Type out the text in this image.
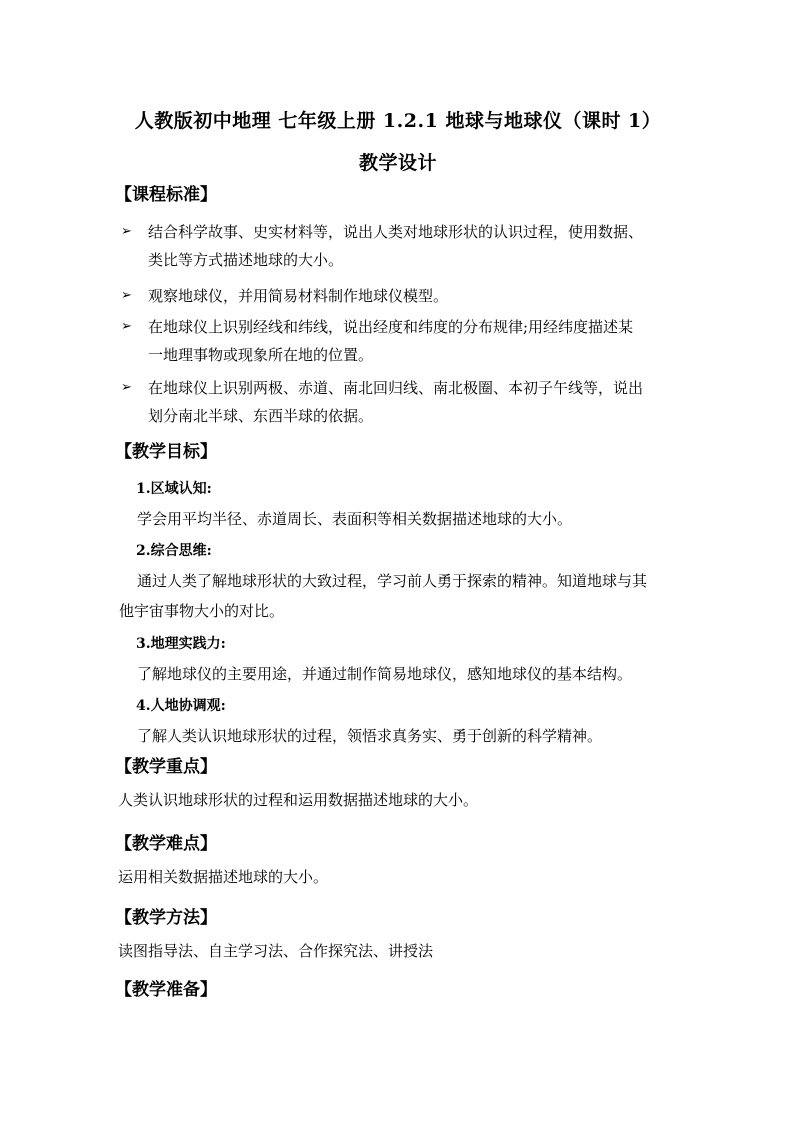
人教版初中地理 七年级上册 1.2.1 地球与地球仪（课时 1）
教学设计
【课程标准】
➢ 结合科学故事、史实材料等，说出人类对地球形状的认识过程，使用数据、
类比等方式描述地球的大小。
➢ 观察地球仪，并用简易材料制作地球仪模型。
➢ 在地球仪上识别经线和纬线，说出经度和纬度的分布规律;用经纬度描述某
一地理事物或现象所在地的位置。
➢ 在地球仪上识别两极、赤道、南北回归线、南北极圈、本初子午线等，说出
划分南北半球、东西半球的依据。
【教学目标】
1.区域认知:
学会用平均半径、赤道周长、表面积等相关数据描述地球的大小。
2.综合思维:
通过人类了解地球形状的大致过程，学习前人勇于探索的精神。知道地球与其
他宇宙事物大小的对比。
3.地理实践力:
了解地球仪的主要用途，并通过制作简易地球仪，感知地球仪的基本结构。
4.人地协调观:
了解人类认识地球形状的过程，领悟求真务实、勇于创新的科学精神。
【教学重点】
人类认识地球形状的过程和运用数据描述地球的大小。
【教学难点】
运用相关数据描述地球的大小。
【教学方法】
读图指导法、自主学习法、合作探究法、讲授法
【教学准备】
